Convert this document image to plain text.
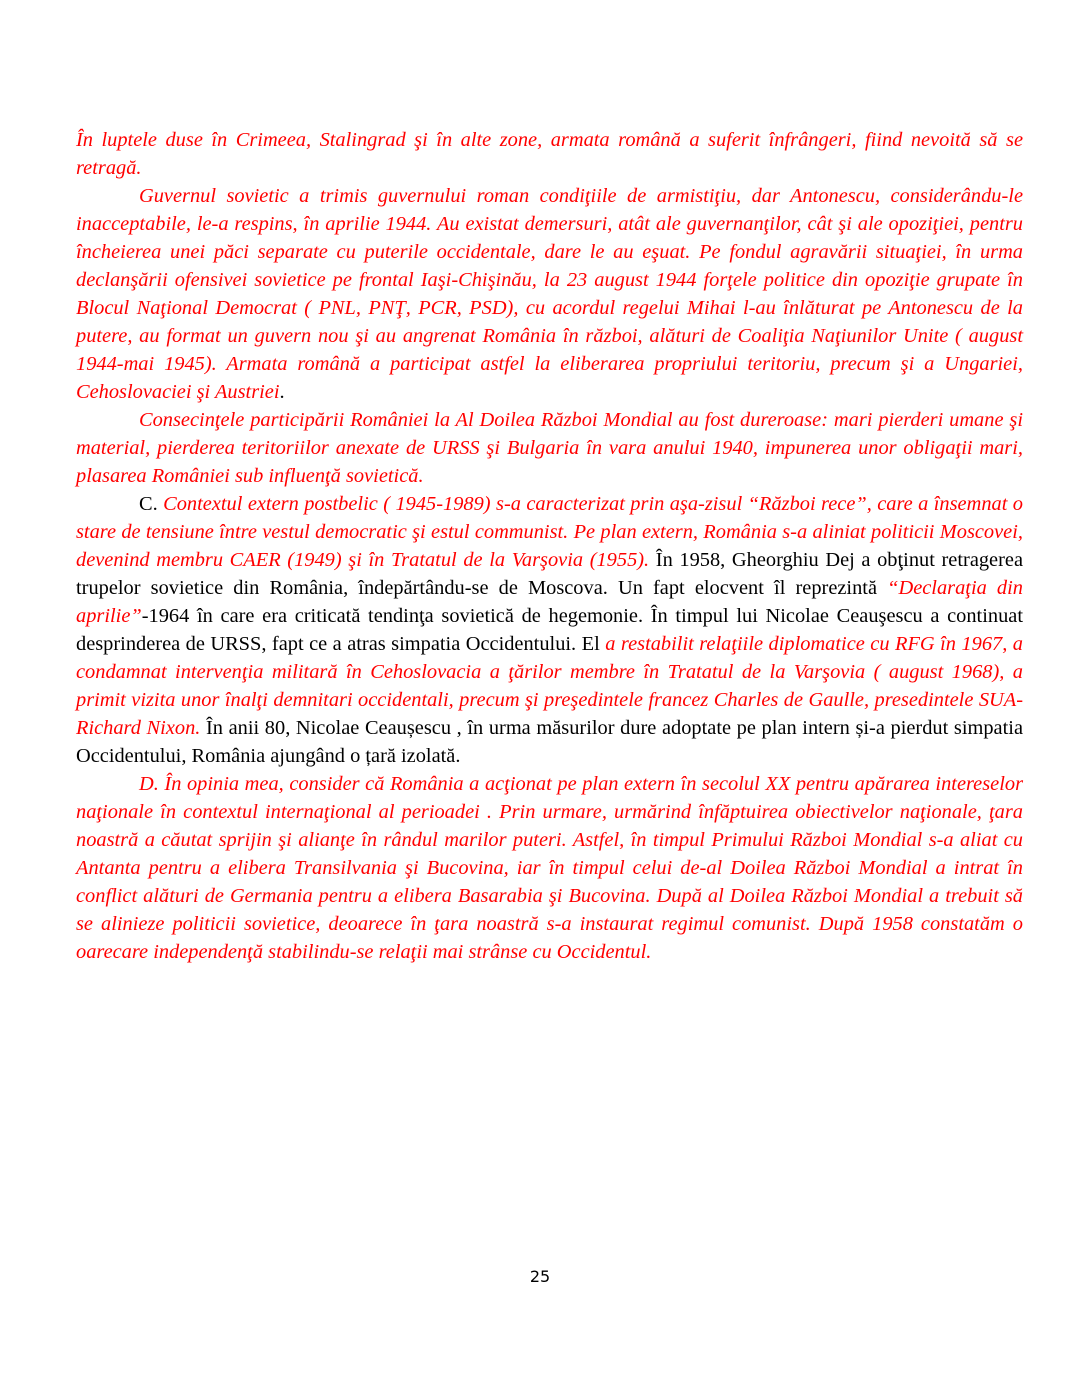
În luptele duse în Crimeea, Stalingrad şi în alte zone, armata română a suferit înfrângeri, fiind nevoită să se retragă.

Guvernul sovietic a trimis guvernului roman condiţiile de armistiţiu, dar Antonescu, considerându-le inacceptabile, le-a respins, în aprilie 1944. Au existat demersuri, atât ale guvernanţilor, cât şi ale opoziţiei, pentru încheierea unei păci separate cu puterile occidentale, dare le au eşuat. Pe fondul agravării situaţiei, în urma declanşării ofensivei sovietice pe frontal Iaşi-Chişinău, la 23 august 1944 forţele politice din opoziţie grupate în Blocul Naţional Democrat ( PNL, PNŢ, PCR, PSD), cu acordul regelui Mihai l-au înlăturat pe Antonescu de la putere, au format un guvern nou şi au angrenat România în război, alături de Coaliţia Naţiunilor Unite ( august 1944-mai 1945). Armata română a participat astfel la eliberarea propriului teritoriu, precum şi a Ungariei, Cehoslovaciei şi Austriei.

Consecinţele participării României la Al Doilea Război Mondial au fost dureroase: mari pierderi umane şi material, pierderea teritoriilor anexate de URSS şi Bulgaria în vara anului 1940, impunerea unor obligaţii mari, plasarea României sub influenţă sovietică.

C. Contextul extern postbelic ( 1945-1989) s-a caracterizat prin aşa-zisul “Război rece”, care a însemnat o stare de tensiune între vestul democratic şi estul communist. Pe plan extern, România s-a aliniat politicii Moscovei, devenind membru CAER (1949) şi în Tratatul de la Varşovia (1955). În 1958, Gheorghiu Dej a obţinut retragerea trupelor sovietice din România, îndepărtându-se de Moscova. Un fapt elocvent îl reprezintă “Declaraţia din aprilie”-1964 în care era criticată tendinţa sovietică de hegemonie. În timpul lui Nicolae Ceauşescu a continuat desprinderea de URSS, fapt ce a atras simpatia Occidentului. El a restabilit relaţiile diplomatice cu RFG în 1967, a condamnat intervenţia militară în Cehoslovacia a ţărilor membre în Tratatul de la Varşovia ( august 1968), a primit vizita unor înalţi demnitari occidentali, precum şi preşedintele francez Charles de Gaulle, presedintele SUA- Richard Nixon. În anii 80, Nicolae Ceaușescu , în urma măsurilor dure adoptate pe plan intern și-a pierdut simpatia Occidentului, România ajungând o țară izolată.

D. În opinia mea, consider că România a acţionat pe plan extern în secolul XX pentru apărarea intereselor naţionale în contextul internaţional al perioadei . Prin urmare, urmărind înfăptuirea obiectivelor naţionale, ţara noastră a căutat sprijin şi alianţe în rândul marilor puteri. Astfel, în timpul Primului Război Mondial s-a aliat cu Antanta pentru a elibera Transilvania şi Bucovina, iar în timpul celui de-al Doilea Război Mondial a intrat în conflict alături de Germania pentru a elibera Basarabia şi Bucovina. După al Doilea Război Mondial a trebuit să se alinieze politicii sovietice, deoarece în ţara noastră s-a instaurat regimul comunist. După 1958 constatăm o oarecare independenţă stabilindu-se relaţii mai strânse cu Occidentul.

25
